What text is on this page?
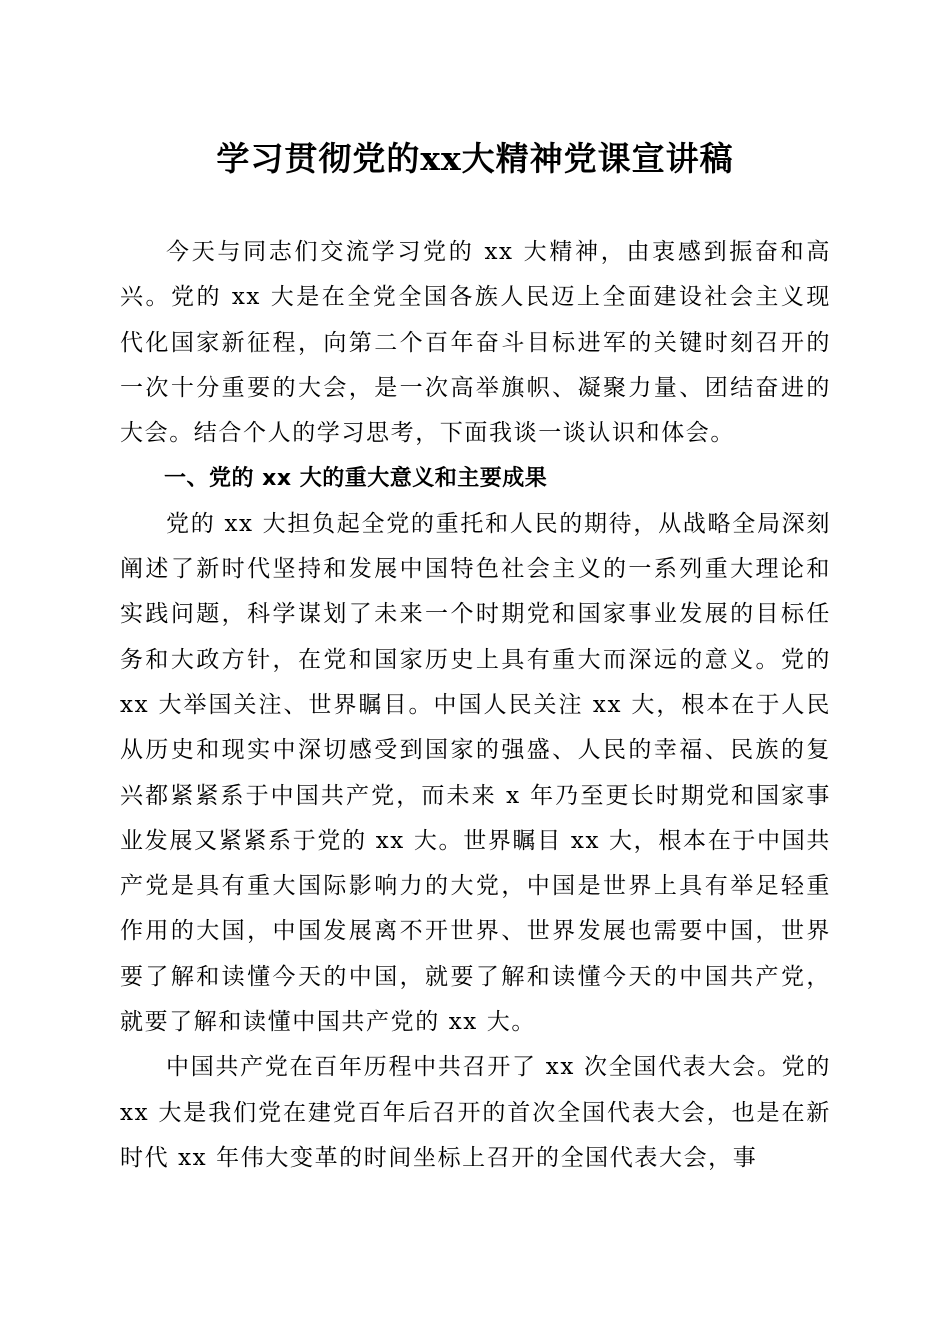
学习贯彻党的xx大精神党课宣讲稿

今天与同志们交流学习党的 xx 大精神，由衷感到振奋和高兴。党的 xx 大是在全党全国各族人民迈上全面建设社会主义现代化国家新征程，向第二个百年奋斗目标进军的关键时刻召开的一次十分重要的大会，是一次高举旗帜、凝聚力量、团结奋进的大会。结合个人的学习思考，下面我谈一谈认识和体会。

一、党的 xx 大的重大意义和主要成果

党的 xx 大担负起全党的重托和人民的期待，从战略全局深刻阐述了新时代坚持和发展中国特色社会主义的一系列重大理论和实践问题，科学谋划了未来一个时期党和国家事业发展的目标任务和大政方针，在党和国家历史上具有重大而深远的意义。党的 xx 大举国关注、世界瞩目。中国人民关注 xx 大，根本在于人民从历史和现实中深切感受到国家的强盛、人民的幸福、民族的复兴都紧紧系于中国共产党，而未来 x 年乃至更长时期党和国家事业发展又紧紧系于党的 xx 大。世界瞩目 xx 大，根本在于中国共产党是具有重大国际影响力的大党，中国是世界上具有举足轻重作用的大国，中国发展离不开世界、世界发展也需要中国，世界要了解和读懂今天的中国，就要了解和读懂今天的中国共产党，就要了解和读懂中国共产党的 xx 大。

中国共产党在百年历程中共召开了 xx 次全国代表大会。党的 xx 大是我们党在建党百年后召开的首次全国代表大会，也是在新时代 xx 年伟大变革的时间坐标上召开的全国代表大会，事
